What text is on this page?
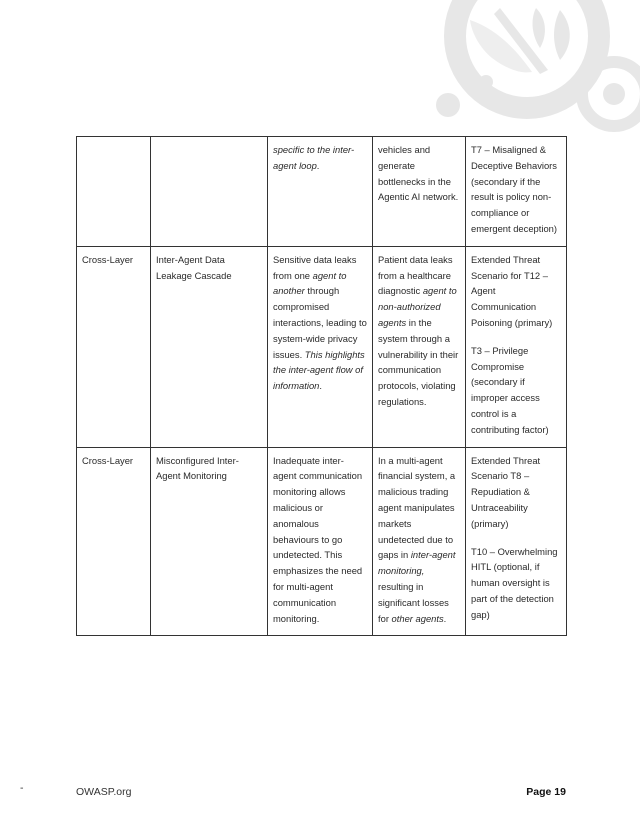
		specific to the inter-agent loop.	vehicles and generate bottlenecks in the Agentic AI network.	T7 – Misaligned & Deceptive Behaviors (secondary if the result is policy non-compliance or emergent deception)

Cross-Layer	Inter-Agent Data Leakage Cascade	Sensitive data leaks from one agent to another through compromised interactions, leading to system-wide privacy issues. This highlights the inter-agent flow of information.	Patient data leaks from a healthcare diagnostic agent to non-authorized agents in the system through a vulnerability in their communication protocols, violating regulations.	Extended Threat Scenario for T12 – Agent Communication Poisoning (primary)
T3 – Privilege Compromise (secondary if improper access control is a contributing factor)

Cross-Layer	Misconfigured Inter-Agent Monitoring	Inadequate inter-agent communication monitoring allows malicious or anomalous behaviours to go undetected. This emphasizes the need for multi-agent communication monitoring.	In a multi-agent financial system, a malicious trading agent manipulates markets undetected due to gaps in inter-agent monitoring, resulting in significant losses for other agents.	Extended Threat Scenario T8 – Repudiation & Untraceability (primary)
T10 – Overwhelming HITL (optional, if human oversight is part of the detection gap)
-	OWASP.org	Page 19
